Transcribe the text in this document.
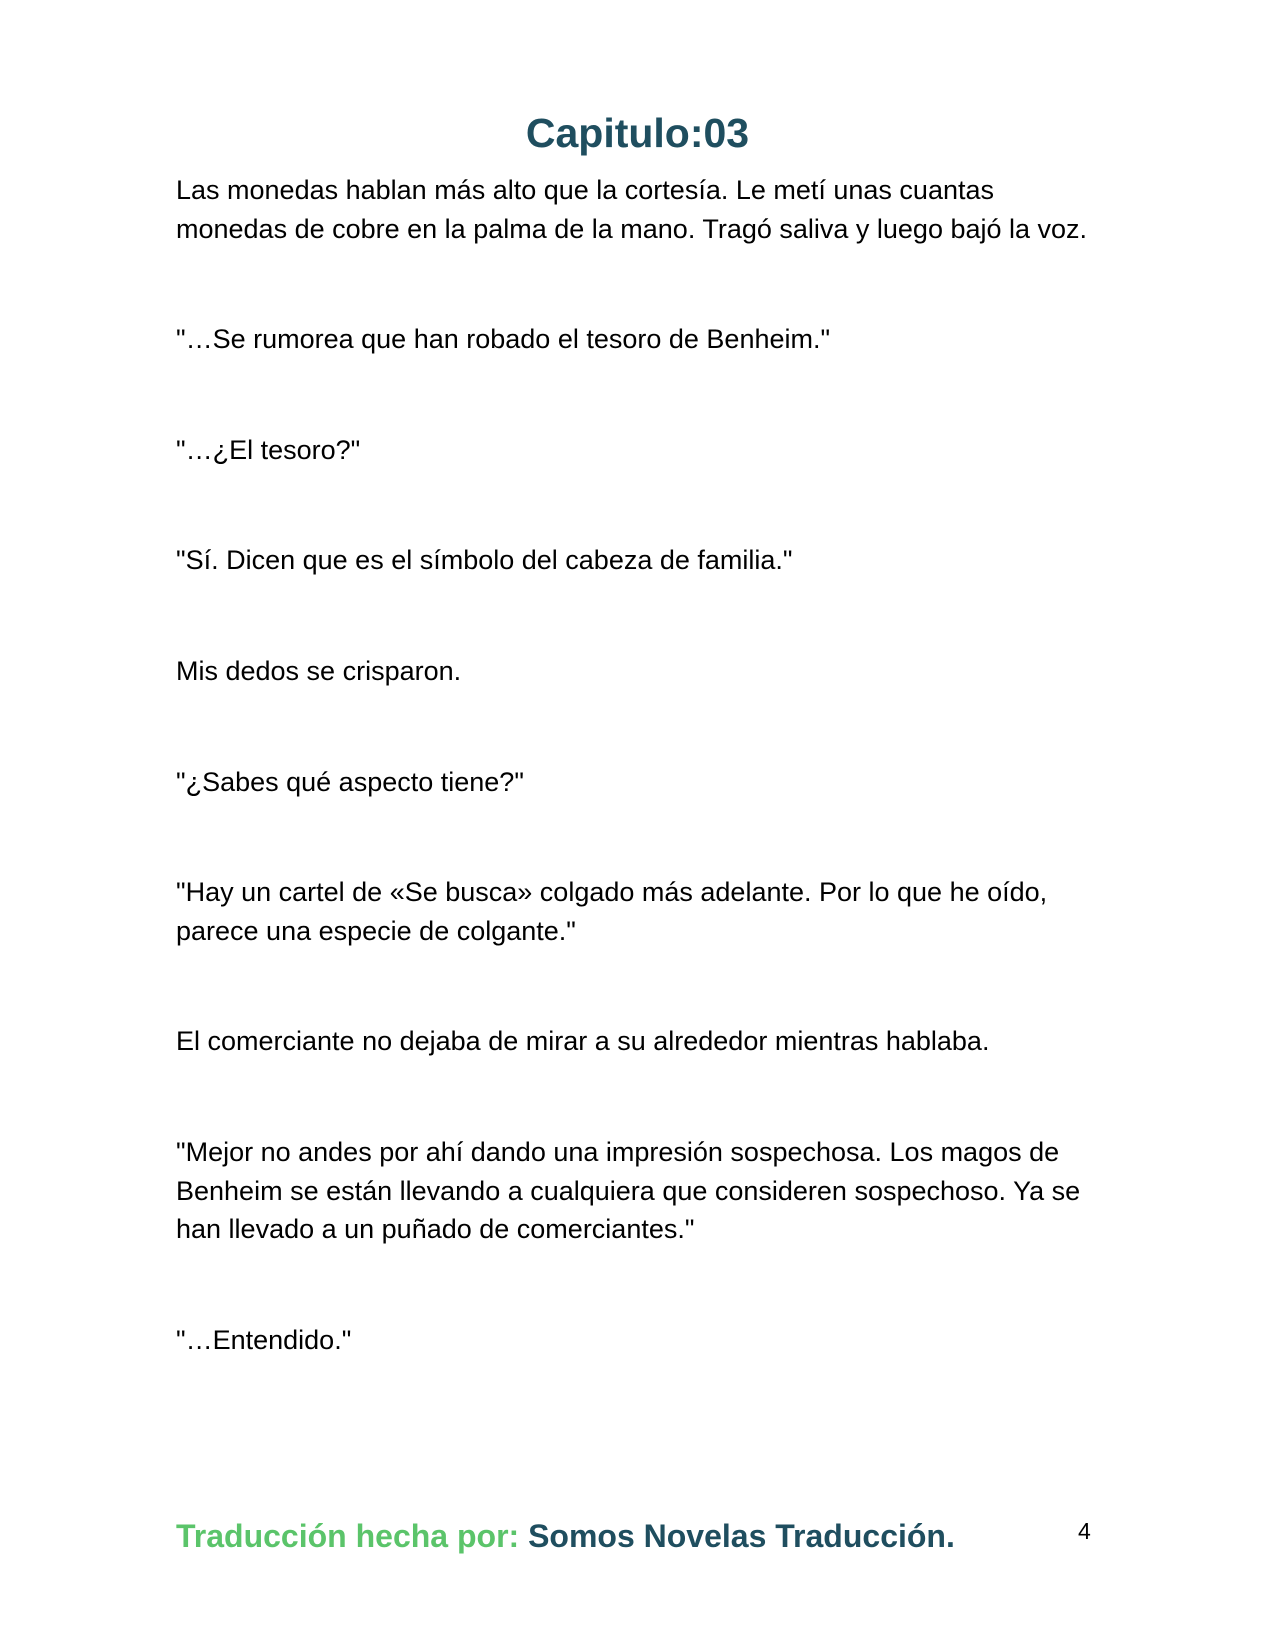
Capitulo:03

Las monedas hablan más alto que la cortesía. Le metí unas cuantas monedas de cobre en la palma de la mano. Tragó saliva y luego bajó la voz.

"…Se rumorea que han robado el tesoro de Benheim."

"…¿El tesoro?"

"Sí. Dicen que es el símbolo del cabeza de familia."

Mis dedos se crisparon.

"¿Sabes qué aspecto tiene?"

"Hay un cartel de «Se busca» colgado más adelante. Por lo que he oído, parece una especie de colgante."

El comerciante no dejaba de mirar a su alrededor mientras hablaba.

"Mejor no andes por ahí dando una impresión sospechosa. Los magos de Benheim se están llevando a cualquiera que consideren sospechoso. Ya se han llevado a un puñado de comerciantes."

"…Entendido."

Traducción hecha por: Somos Novelas Traducción.	4
